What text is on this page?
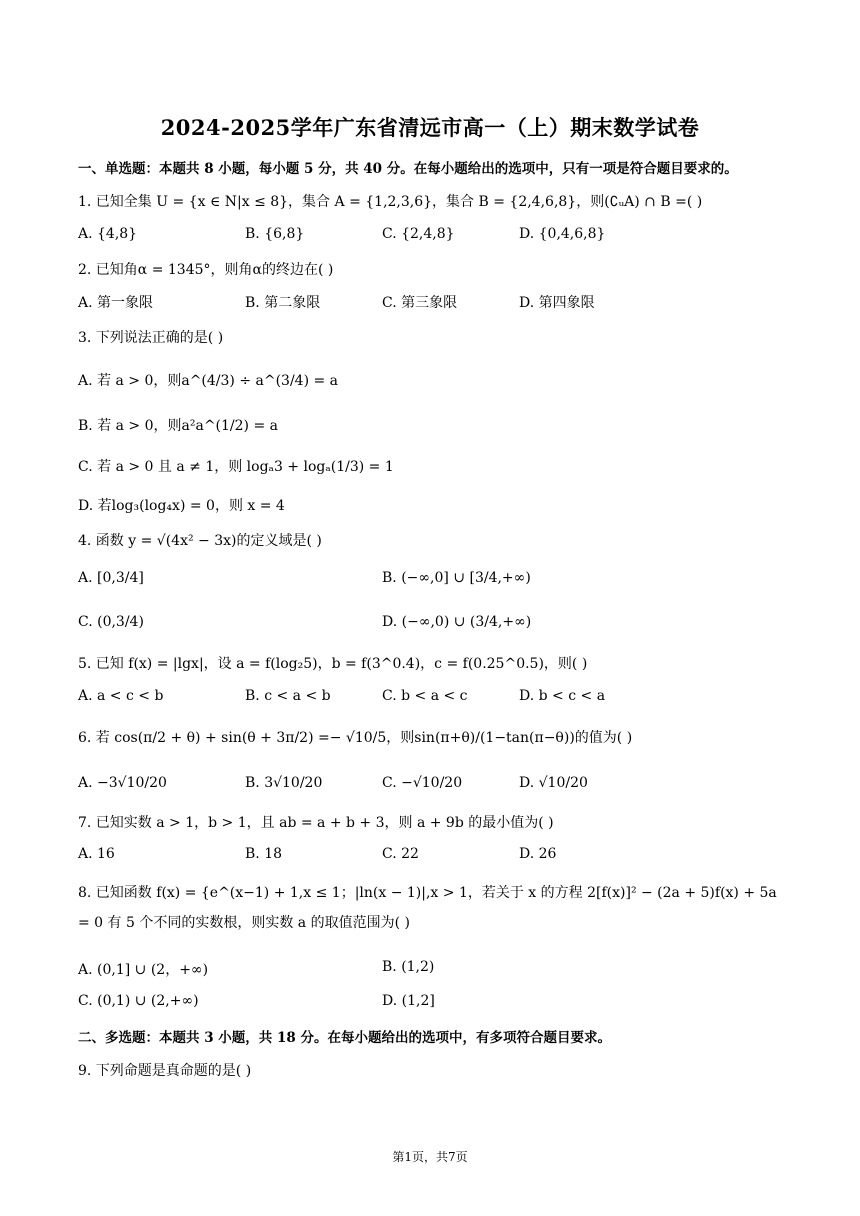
2024-2025学年广东省清远市高一（上）期末数学试卷
一、单选题：本题共 8 小题，每小题 5 分，共 40 分。在每小题给出的选项中，只有一项是符合题目要求的。
1. 已知全集 U = {x ∈ N|x ≤ 8}，集合 A = {1,2,3,6}，集合 B = {2,4,6,8}，则(∁ᵤA) ∩ B =( )
A. {4,8}	B. {6,8}	C. {2,4,8}	D. {0,4,6,8}
2. 已知角α = 1345°，则角α的终边在( )
A. 第一象限	B. 第二象限	C. 第三象限	D. 第四象限
3. 下列说法正确的是( )
A. 若 a > 0，则a^(4/3) ÷ a^(3/4) = a
B. 若 a > 0，则a²a^(1/2) = a
C. 若 a > 0 且 a ≠ 1，则 logₐ3 + logₐ(1/3) = 1
D. 若log₃(log₄x) = 0，则 x = 4
4. 函数 y = √(4x² − 3x)的定义域是( )
A. [0,3/4]	B. (−∞,0] ∪ [3/4,+∞)
C. (0,3/4)	D. (−∞,0) ∪ (3/4,+∞)
5. 已知 f(x) = |lgx|，设 a = f(log₂5)，b = f(3^0.4)，c = f(0.25^0.5)，则( )
A. a < c < b	B. c < a < b	C. b < a < c	D. b < c < a
6. 若 cos(π/2 + θ) + sin(θ + 3π/2) =− √10/5，则sin(π+θ)/(1−tan(π−θ))的值为( )
A. −3√10/20	B. 3√10/20	C. −√10/20	D. √10/20
7. 已知实数 a > 1，b > 1，且 ab = a + b + 3，则 a + 9b 的最小值为( )
A. 16	B. 18	C. 22	D. 26
8. 已知函数 f(x) = {e^(x−1) + 1,x ≤ 1；|ln(x − 1)|,x > 1，若关于 x 的方程 2[f(x)]² − (2a + 5)f(x) + 5a = 0 有 5 个不同的实数根，则实数 a 的取值范围为( )
A. (0,1] ∪ (2，+∞)	B. (1,2)
C. (0,1) ∪ (2,+∞)	D. (1,2]
二、多选题：本题共 3 小题，共 18 分。在每小题给出的选项中，有多项符合题目要求。
9. 下列命题是真命题的是( )
第1页，共7页
